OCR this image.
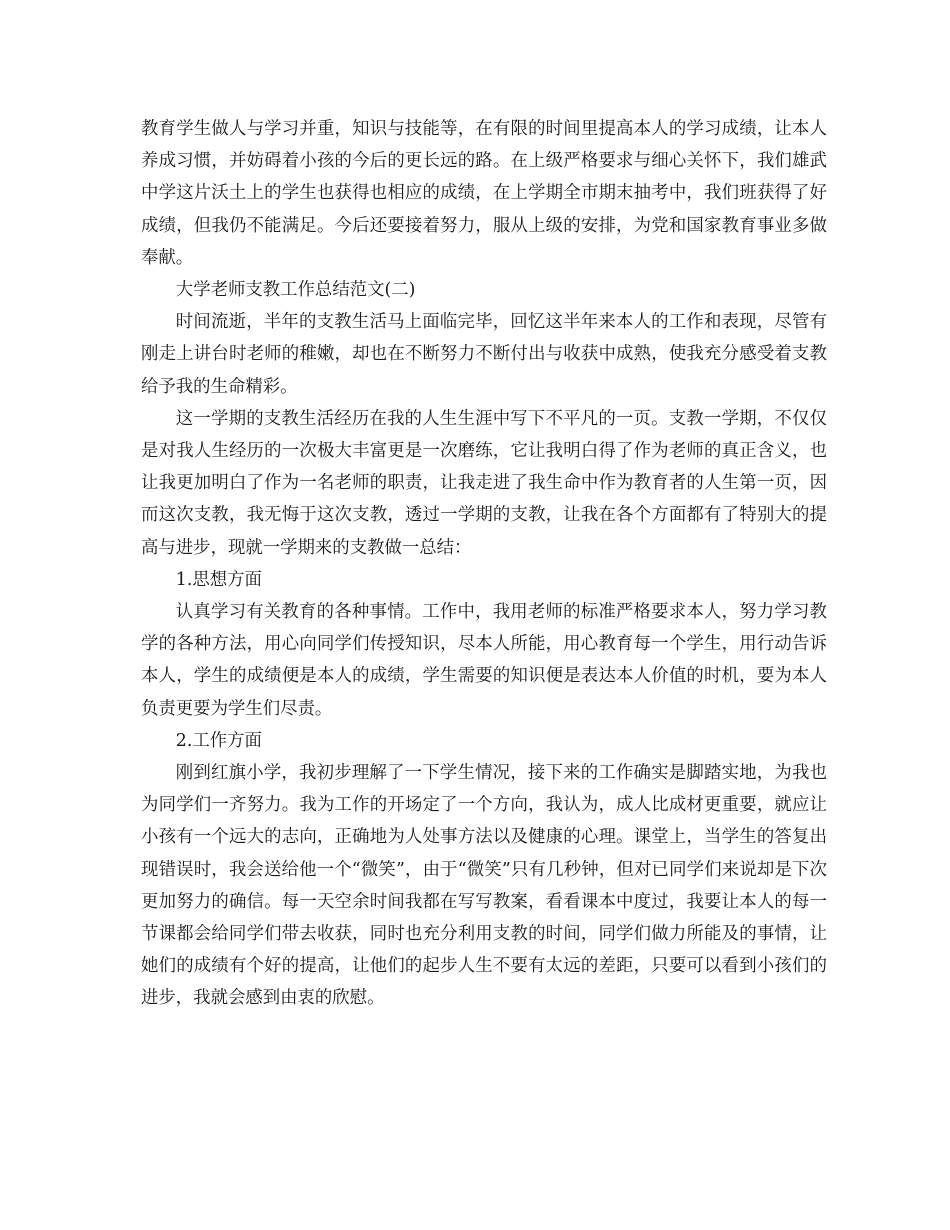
教育学生做人与学习并重，知识与技能等，在有限的时间里提高本人的学习成绩，让本人养成习惯，并妨碍着小孩的今后的更长远的路。在上级严格要求与细心关怀下，我们雄武中学这片沃土上的学生也获得也相应的成绩，在上学期全市期末抽考中，我们班获得了好成绩，但我仍不能满足。今后还要接着努力，服从上级的安排，为党和国家教育事业多做奉献。

大学老师支教工作总结范文(二)

时间流逝，半年的支教生活马上面临完毕，回忆这半年来本人的工作和表现，尽管有刚走上讲台时老师的稚嫩，却也在不断努力不断付出与收获中成熟，使我充分感受着支教给予我的生命精彩。

这一学期的支教生活经历在我的人生生涯中写下不平凡的一页。支教一学期，不仅仅是对我人生经历的一次极大丰富更是一次磨练，它让我明白得了作为老师的真正含义，也让我更加明白了作为一名老师的职责，让我走进了我生命中作为教育者的人生第一页，因而这次支教，我无悔于这次支教，透过一学期的支教，让我在各个方面都有了特别大的提高与进步，现就一学期来的支教做一总结：

1.思想方面

认真学习有关教育的各种事情。工作中，我用老师的标准严格要求本人，努力学习教学的各种方法，用心向同学们传授知识，尽本人所能，用心教育每一个学生，用行动告诉本人，学生的成绩便是本人的成绩，学生需要的知识便是表达本人价值的时机，要为本人负责更要为学生们尽责。

2.工作方面

刚到红旗小学，我初步理解了一下学生情况，接下来的工作确实是脚踏实地，为我也为同学们一齐努力。我为工作的开场定了一个方向，我认为，成人比成材更重要，就应让小孩有一个远大的志向，正确地为人处事方法以及健康的心理。课堂上，当学生的答复出现错误时，我会送给他一个“微笑”，由于“微笑”只有几秒钟，但对已同学们来说却是下次更加努力的确信。每一天空余时间我都在写写教案，看看课本中度过，我要让本人的每一节课都会给同学们带去收获，同时也充分利用支教的时间，同学们做力所能及的事情，让她们的成绩有个好的提高，让他们的起步人生不要有太远的差距，只要可以看到小孩们的进步，我就会感到由衷的欣慰。
